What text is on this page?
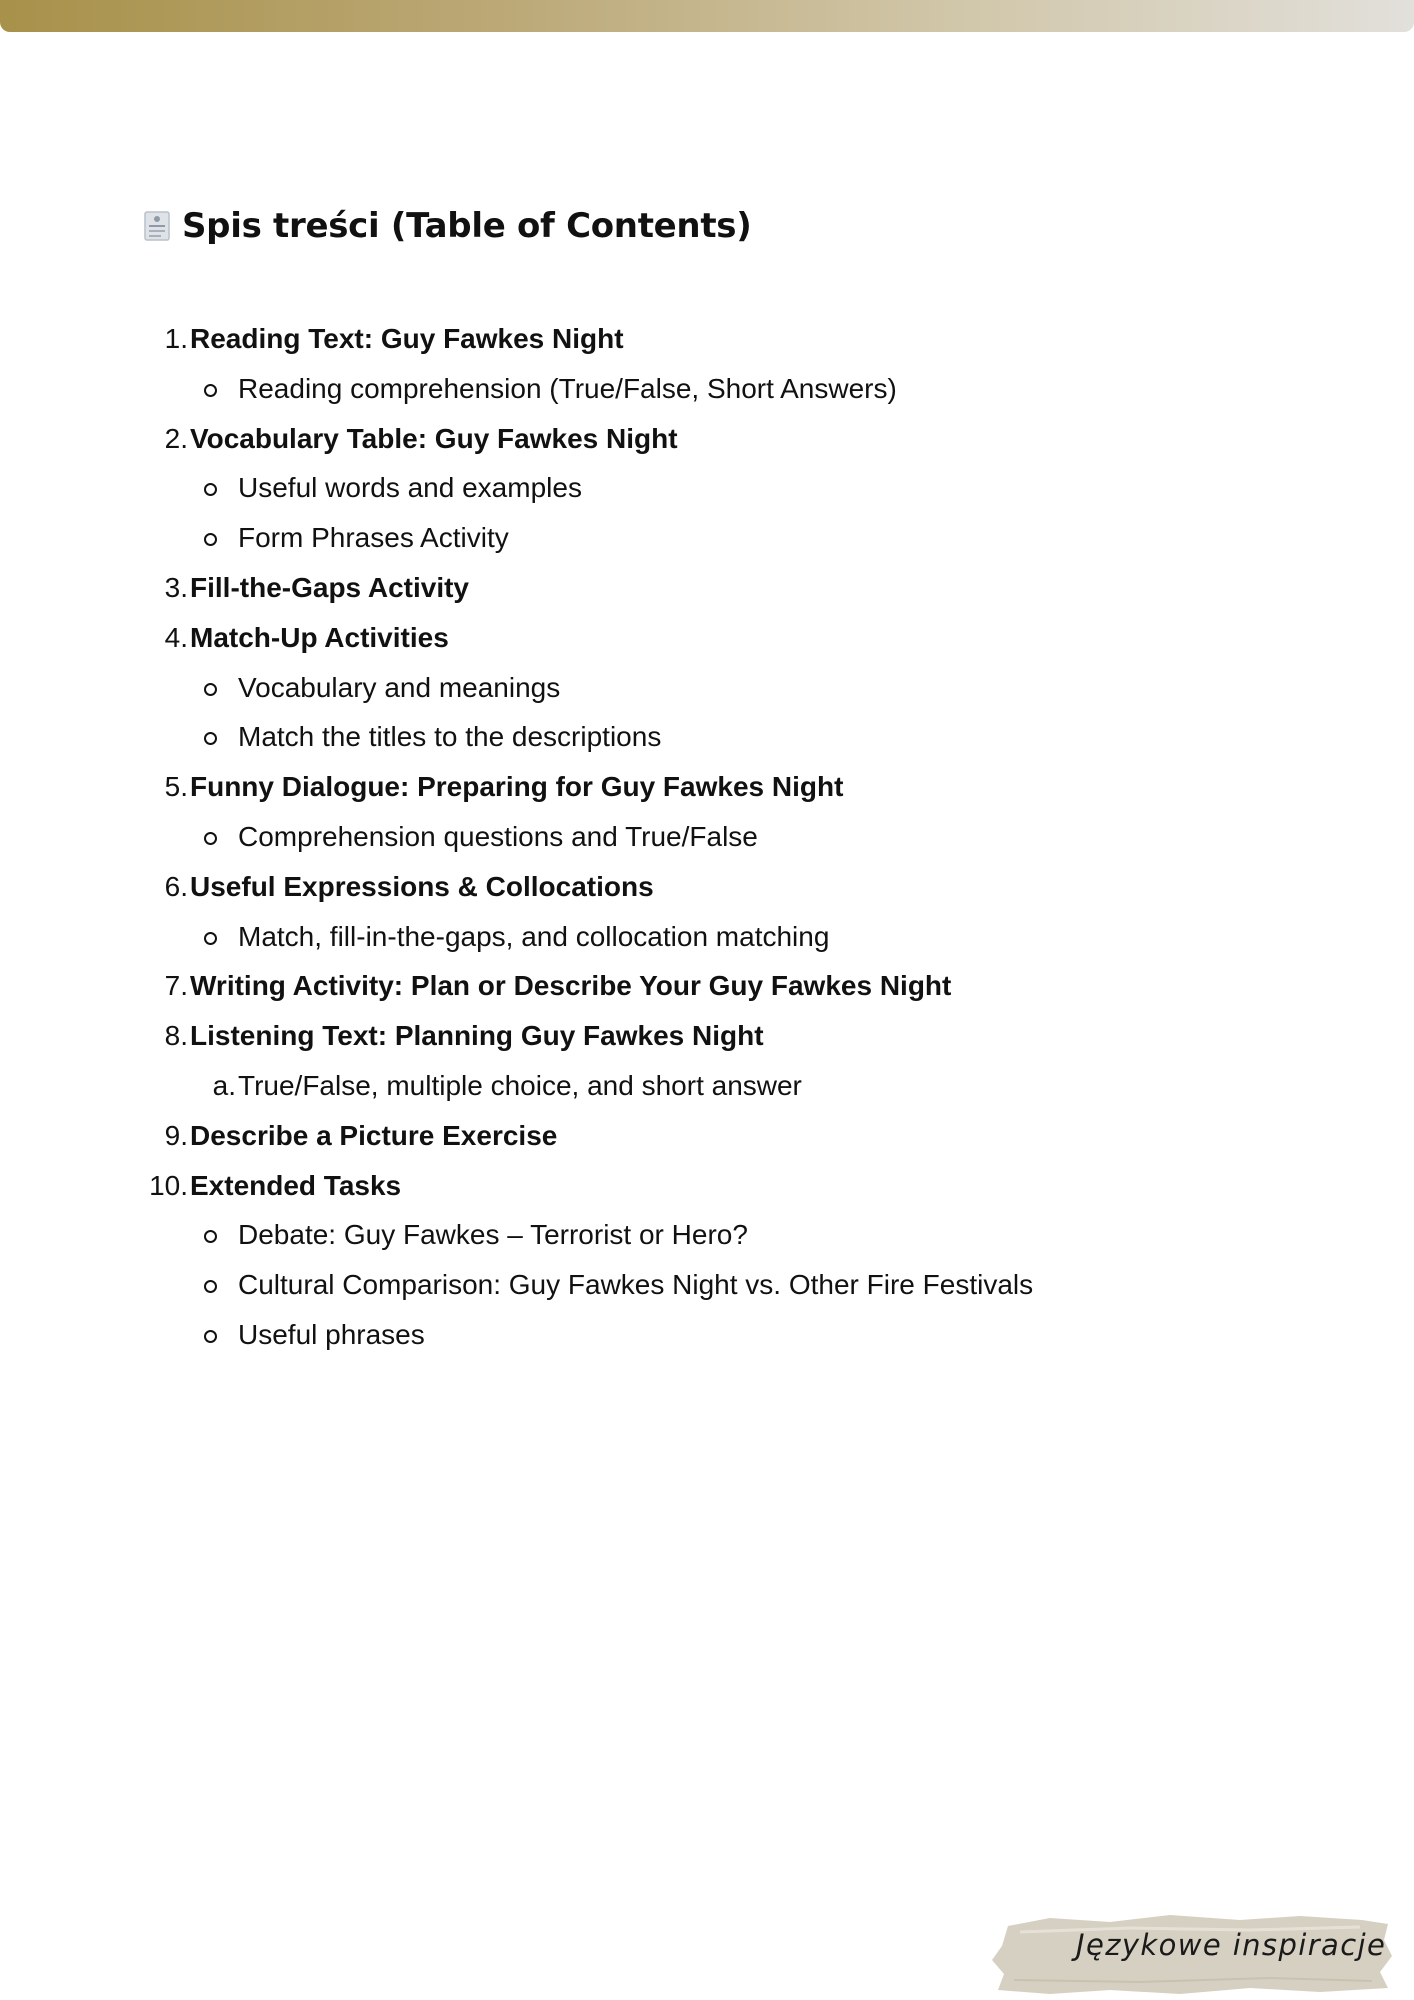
Spis treści (Table of Contents)
1. Reading Text: Guy Fawkes Night
Reading comprehension (True/False, Short Answers)
2. Vocabulary Table: Guy Fawkes Night
Useful words and examples
Form Phrases Activity
3. Fill-the-Gaps Activity
4. Match-Up Activities
Vocabulary and meanings
Match the titles to the descriptions
5. Funny Dialogue: Preparing for Guy Fawkes Night
Comprehension questions and True/False
6. Useful Expressions & Collocations
Match, fill-in-the-gaps, and collocation matching
7. Writing Activity: Plan or Describe Your Guy Fawkes Night
8. Listening Text: Planning Guy Fawkes Night
a. True/False, multiple choice, and short answer
9. Describe a Picture Exercise
10. Extended Tasks
Debate: Guy Fawkes – Terrorist or Hero?
Cultural Comparison: Guy Fawkes Night vs. Other Fire Festivals
Useful phrases
Językowe inspiracje
